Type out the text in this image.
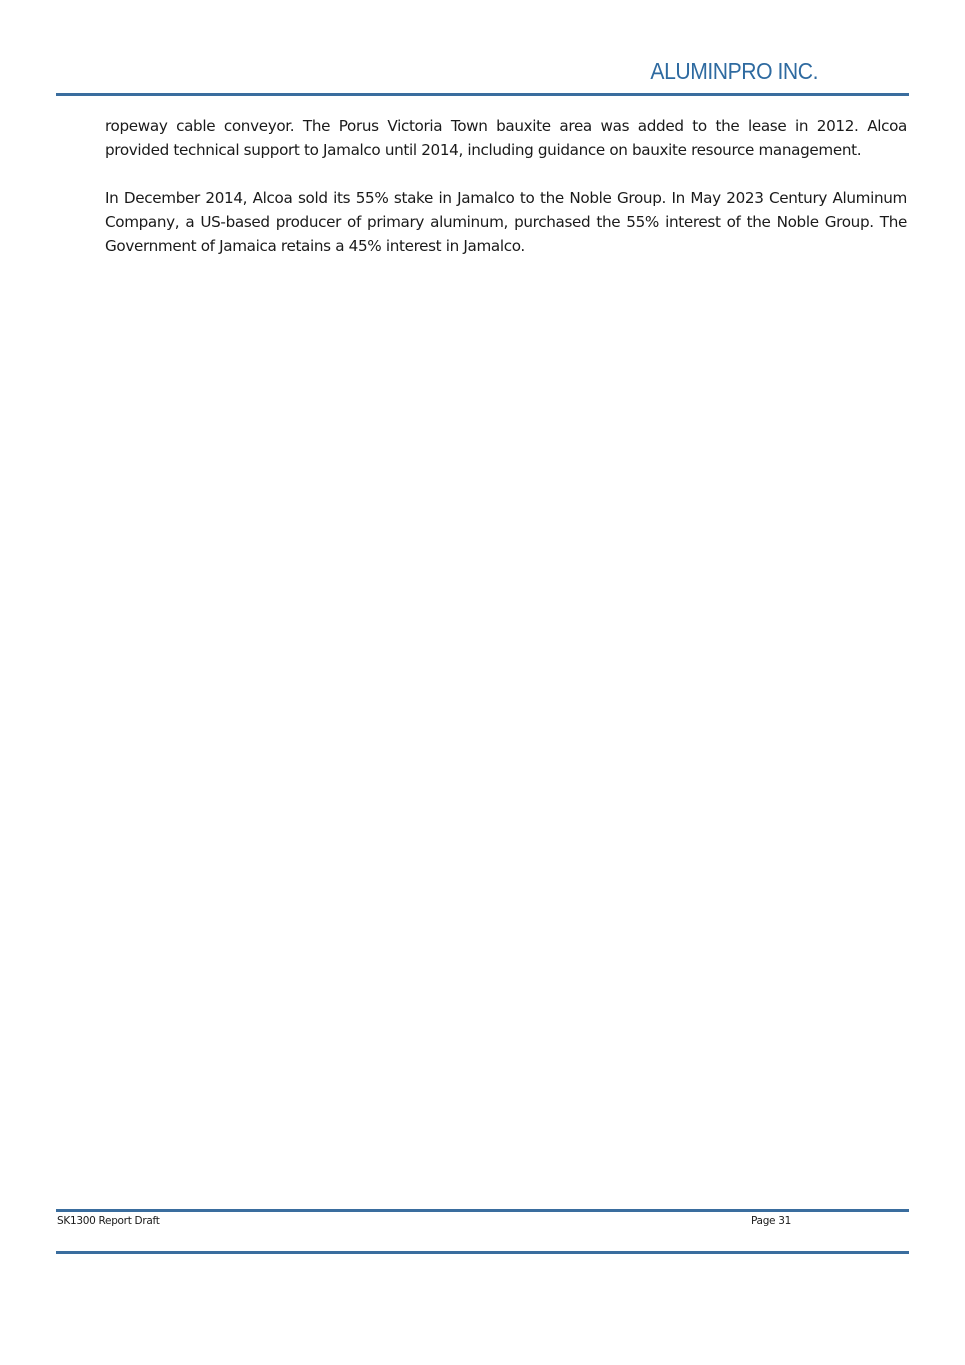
ALUMINPRO INC.

ropeway cable conveyor. The Porus Victoria Town bauxite area was added to the lease in 2012. Alcoa provided technical support to Jamalco until 2014, including guidance on bauxite resource management.

In December 2014, Alcoa sold its 55% stake in Jamalco to the Noble Group. In May 2023 Century Aluminum Company, a US-based producer of primary aluminum, purchased the 55% interest of the Noble Group. The Government of Jamaica retains a 45% interest in Jamalco.

SK1300 Report Draft	Page 31
